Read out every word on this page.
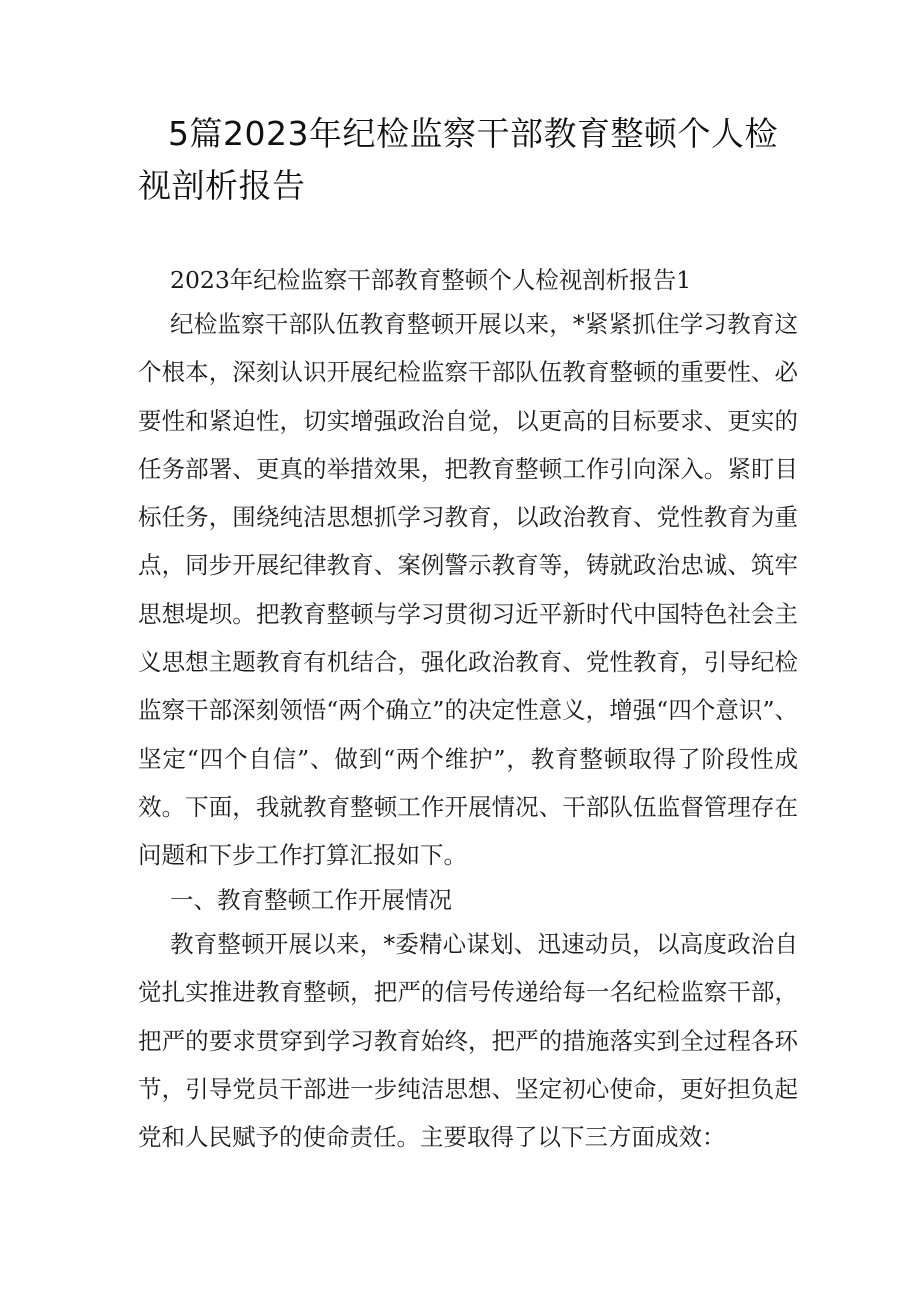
5篇2023年纪检监察干部教育整顿个人检视剖析报告

2023年纪检监察干部教育整顿个人检视剖析报告1

纪检监察干部队伍教育整顿开展以来，*紧紧抓住学习教育这个根本，深刻认识开展纪检监察干部队伍教育整顿的重要性、必要性和紧迫性，切实增强政治自觉，以更高的目标要求、更实的任务部署、更真的举措效果，把教育整顿工作引向深入。紧盯目标任务，围绕纯洁思想抓学习教育，以政治教育、党性教育为重点，同步开展纪律教育、案例警示教育等，铸就政治忠诚、筑牢思想堤坝。把教育整顿与学习贯彻习近平新时代中国特色社会主义思想主题教育有机结合，强化政治教育、党性教育，引导纪检监察干部深刻领悟“两个确立”的决定性意义，增强“四个意识”、坚定“四个自信”、做到“两个维护”，教育整顿取得了阶段性成效。下面，我就教育整顿工作开展情况、干部队伍监督管理存在问题和下步工作打算汇报如下。

一、教育整顿工作开展情况

教育整顿开展以来，*委精心谋划、迅速动员，以高度政治自觉扎实推进教育整顿，把严的信号传递给每一名纪检监察干部，把严的要求贯穿到学习教育始终，把严的措施落实到全过程各环节，引导党员干部进一步纯洁思想、坚定初心使命，更好担负起党和人民赋予的使命责任。主要取得了以下三方面成效：
